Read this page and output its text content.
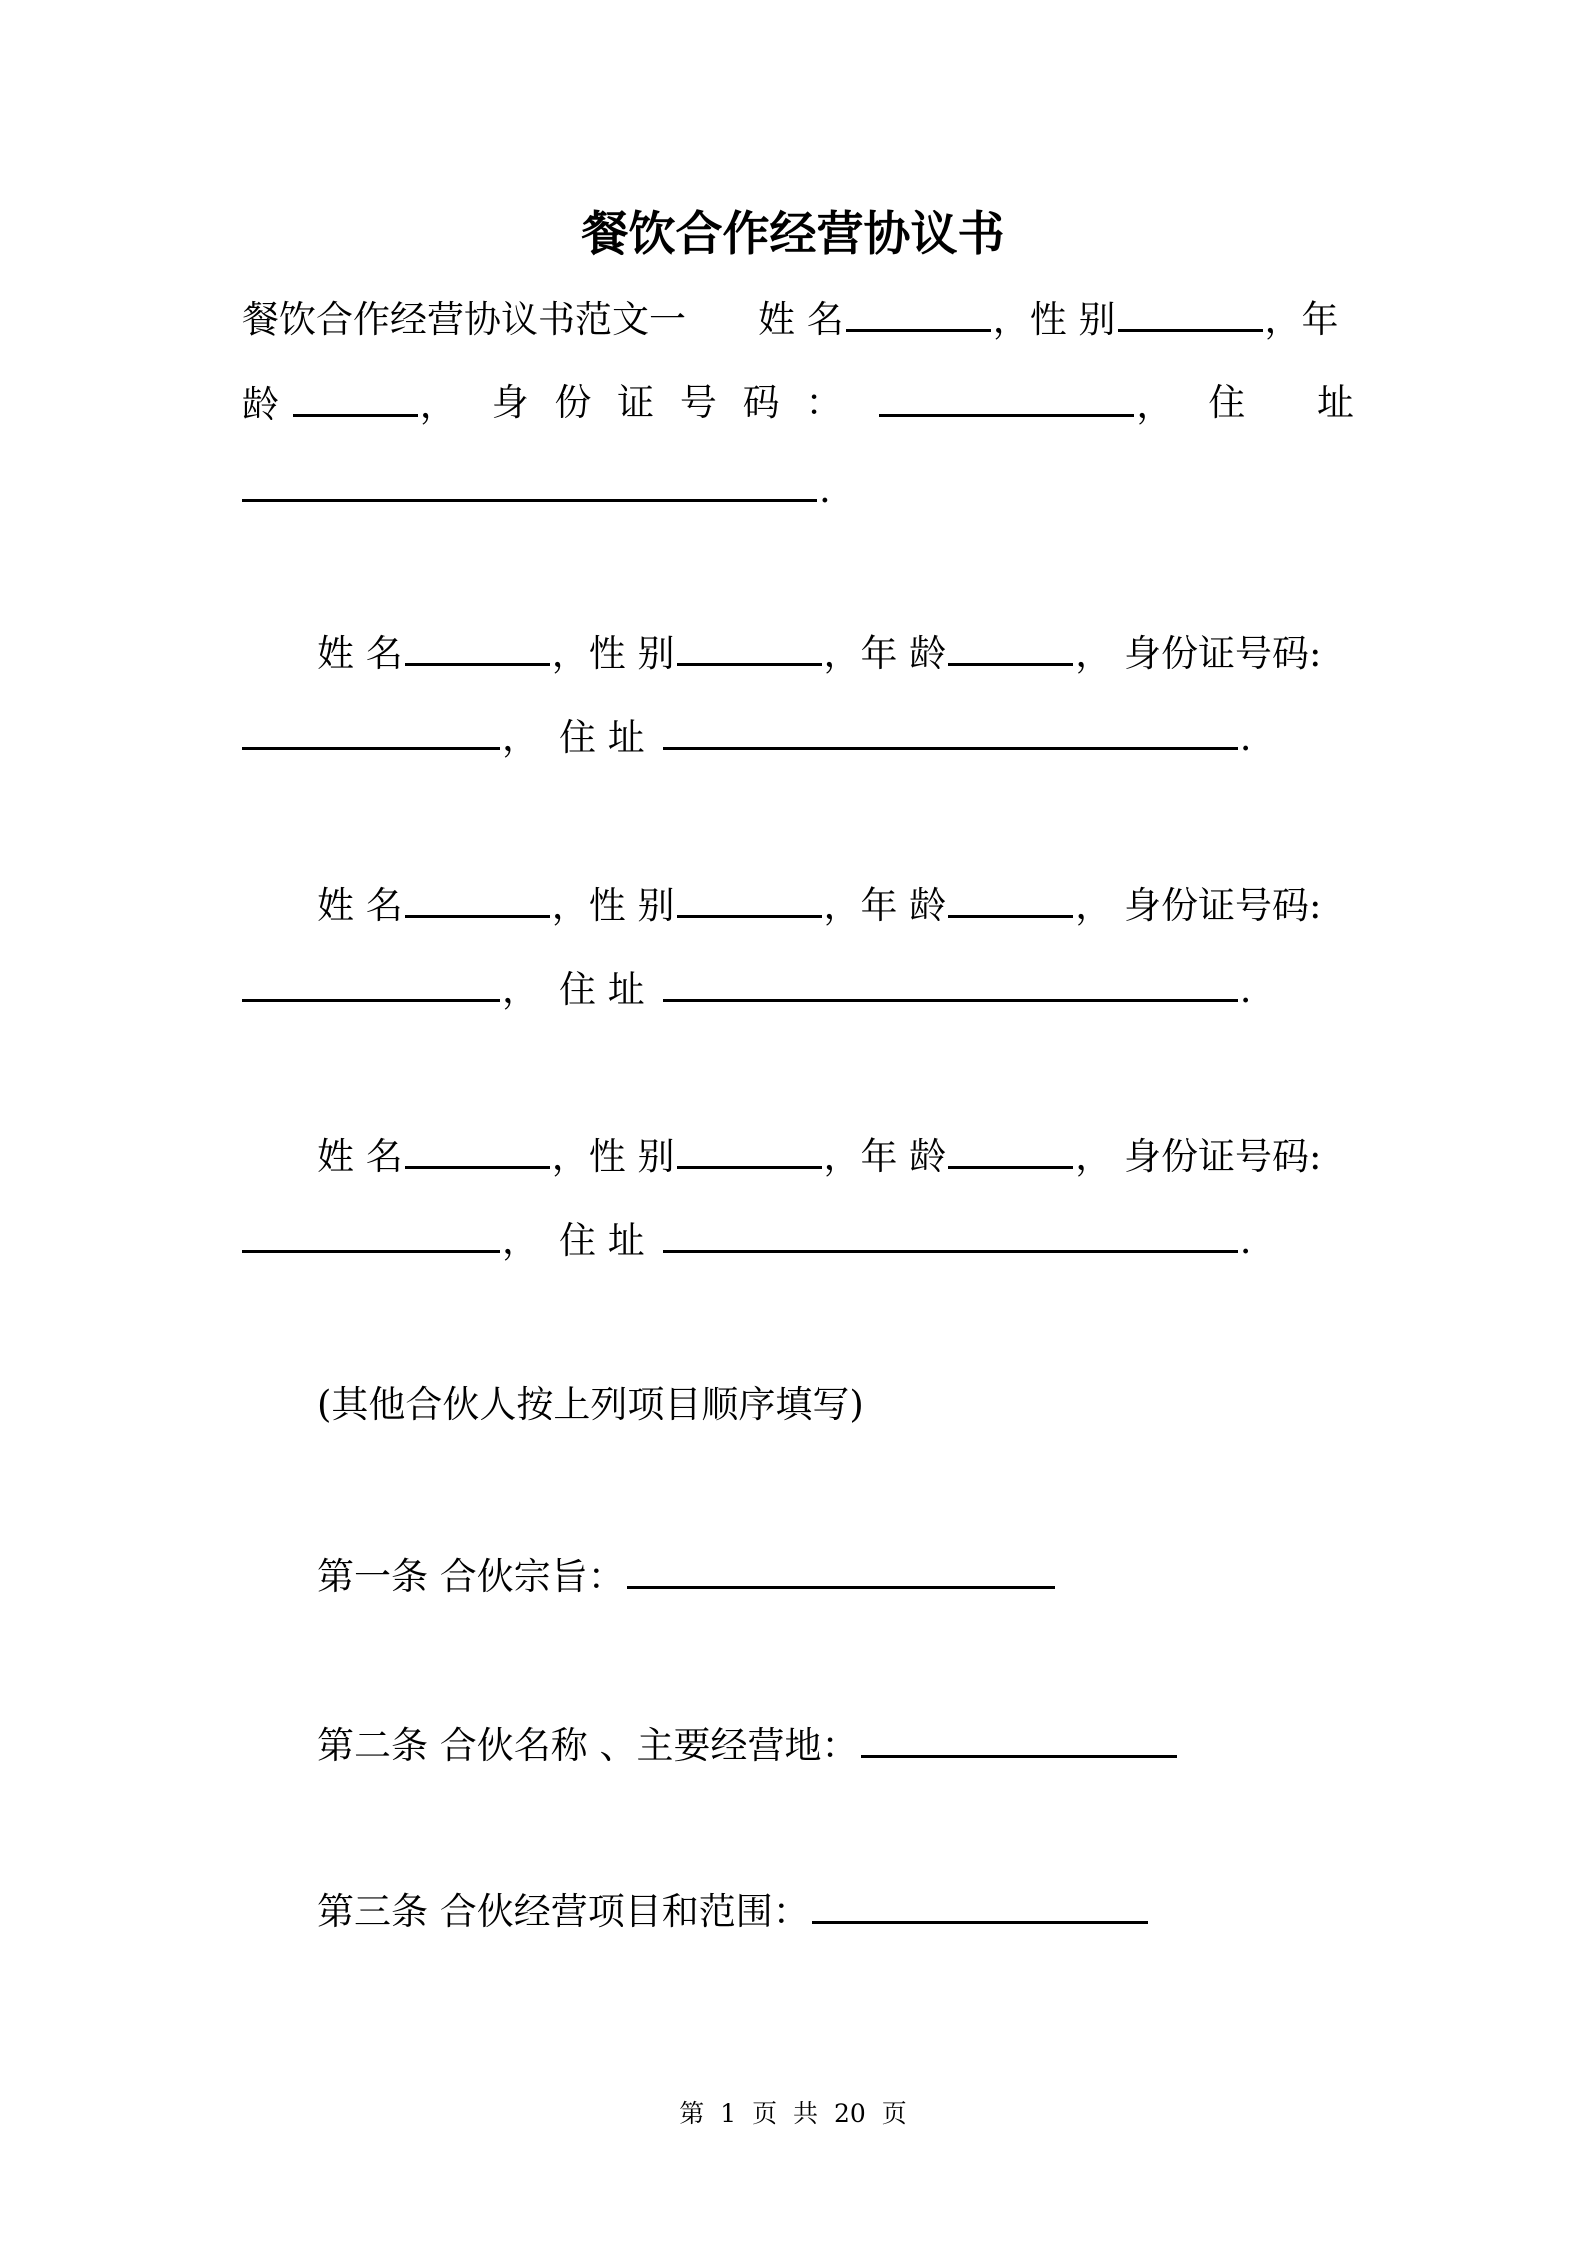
餐饮合作经营协议书
餐饮合作经营协议书范文一 姓 名	，性 别	，年
龄	， 身 份 证 号 码 ：	， 住 址
.
姓 名	，性 别	，年 龄	， 身份证号码:
， 住 址	.
姓 名	，性 别	，年 龄	， 身份证号码:
， 住 址	.
姓 名	，性 别	，年 龄	， 身份证号码:
， 住 址	.
(其他合伙人按上列项目顺序填写)
第一条 合伙宗旨：
第二条 合伙名称 、主要经营地：
第三条 合伙经营项目和范围：
第 1 页 共 20 页
